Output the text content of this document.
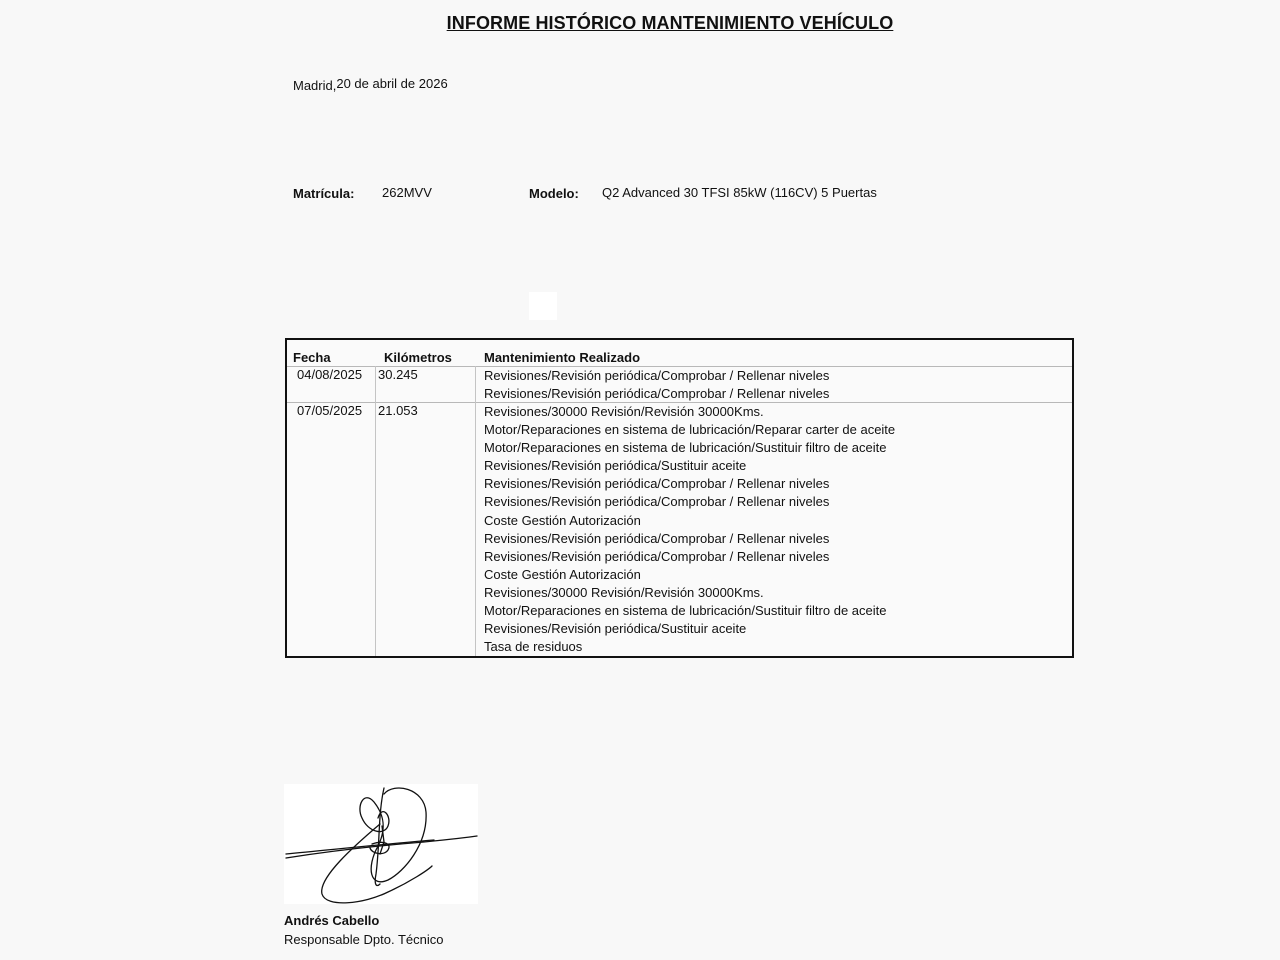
INFORME HISTÓRICO MANTENIMIENTO VEHÍCULO
Madrid,20 de abril de 2026
Matrícula: 262MVV	Modelo: Q2 Advanced 30 TFSI 85kW (116CV) 5 Puertas
Fecha	Kilómetros Mantenimiento Realizado
04/08/2025 30.245	Revisiones/Revisión periódica/Comprobar / Rellenar niveles
Revisiones/Revisión periódica/Comprobar / Rellenar niveles
07/05/2025 21.053	Revisiones/30000 Revisión/Revisión 30000Kms.
Motor/Reparaciones en sistema de lubricación/Reparar carter de aceite
Motor/Reparaciones en sistema de lubricación/Sustituir filtro de aceite
Revisiones/Revisión periódica/Sustituir aceite
Revisiones/Revisión periódica/Comprobar / Rellenar niveles
Revisiones/Revisión periódica/Comprobar / Rellenar niveles
Coste Gestión Autorización
Revisiones/Revisión periódica/Comprobar / Rellenar niveles
Revisiones/Revisión periódica/Comprobar / Rellenar niveles
Coste Gestión Autorización
Revisiones/30000 Revisión/Revisión 30000Kms.
Motor/Reparaciones en sistema de lubricación/Sustituir filtro de aceite
Revisiones/Revisión periódica/Sustituir aceite
Tasa de residuos
Andrés Cabello
Responsable Dpto. Técnico
